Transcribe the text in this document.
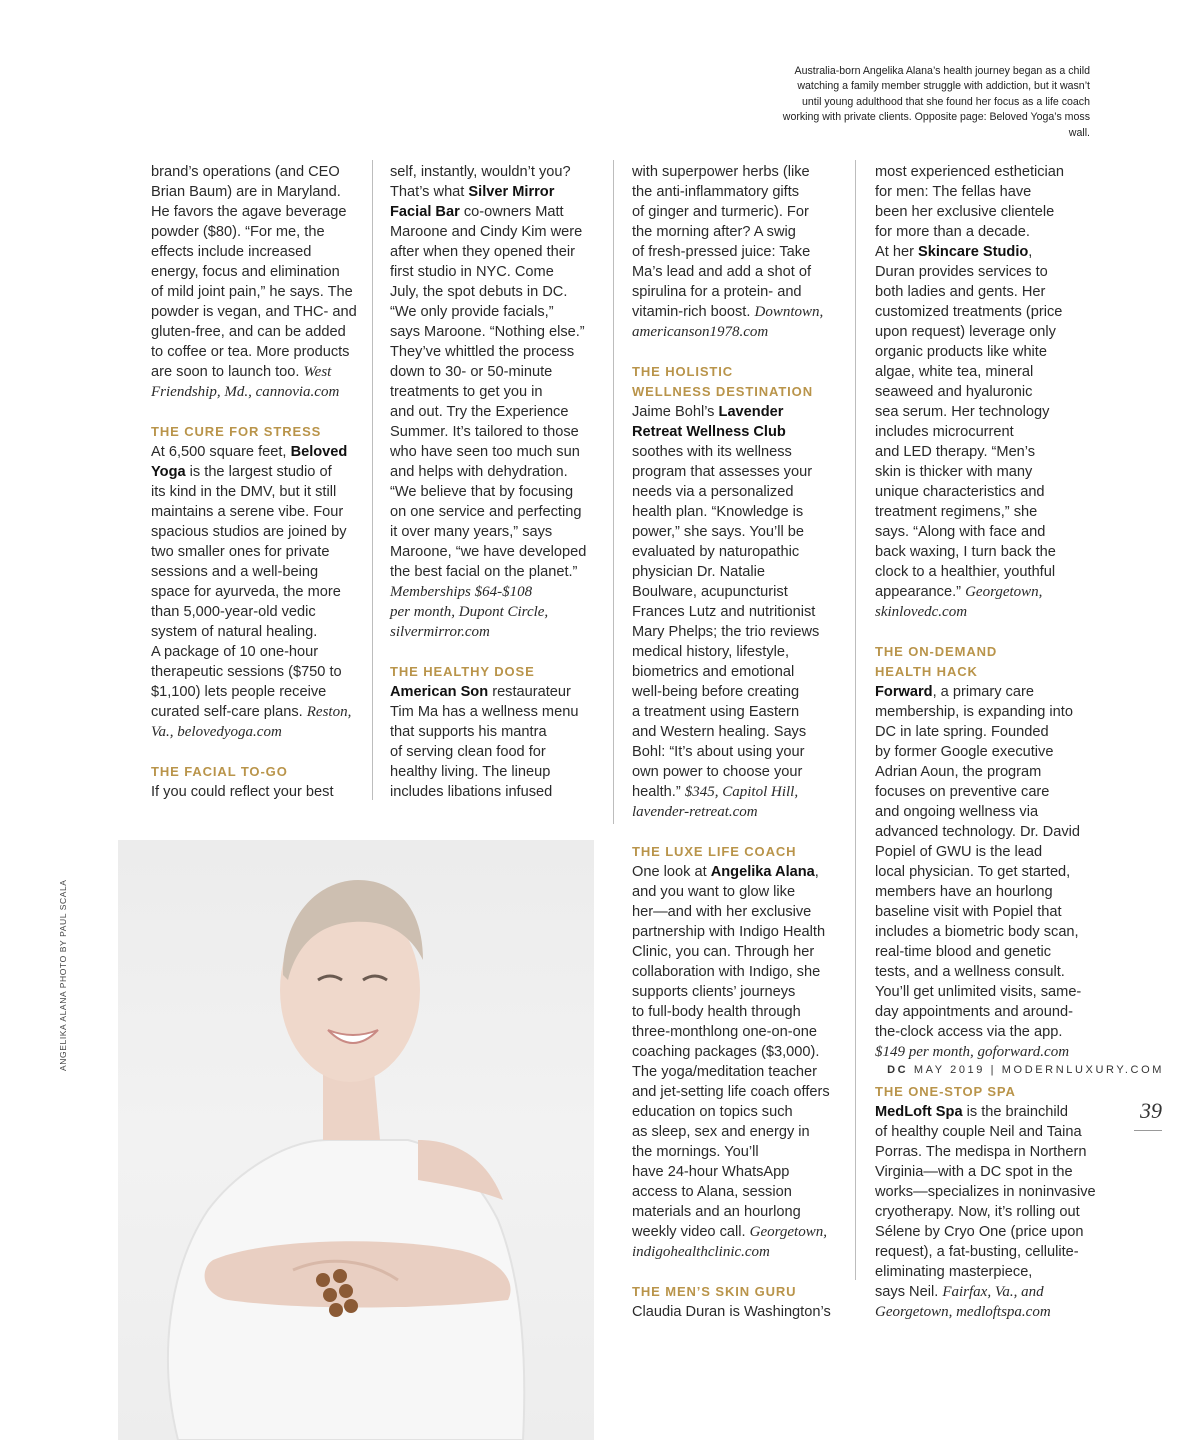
Australia-born Angelika Alana’s health journey began as a child watching a family member struggle with addiction, but it wasn’t until young adulthood that she found her focus as a life coach working with private clients. Opposite page: Beloved Yoga’s moss wall.

brand’s operations (and CEO

Brian Baum) are in Maryland.

He favors the agave beverage

powder ($80). “For me, the

effects include increased

energy, focus and elimination

of mild joint pain,” he says. The

powder is vegan, and THC- and

gluten-free, and can be added

to coffee or tea. More products

are soon to launch too. West

Friendship, Md., cannovia.com

THE CURE FOR STRESS

At 6,500 square feet, Beloved

Yoga is the largest studio of

its kind in the DMV, but it still

maintains a serene vibe. Four

spacious studios are joined by

two smaller ones for private

sessions and a well-being

space for ayurveda, the more

than 5,000-year-old vedic

system of natural healing.

A package of 10 one-hour

therapeutic sessions ($750 to

$1,100) lets people receive

curated self-care plans. Reston,

Va., belovedyoga.com

THE FACIAL TO-GO

If you could reflect your best

self, instantly, wouldn’t you?

That’s what Silver Mirror

Facial Bar co-owners Matt

Maroone and Cindy Kim were

after when they opened their

first studio in NYC. Come

July, the spot debuts in DC.

“We only provide facials,”

says Maroone. “Nothing else.”

They’ve whittled the process

down to 30- or 50-minute

treatments to get you in

and out. Try the Experience

Summer. It’s tailored to those

who have seen too much sun

and helps with dehydration.

“We believe that by focusing

on one service and perfecting

it over many years,” says

Maroone, “we have developed

the best facial on the planet.”

Memberships $64-$108

per month, Dupont Circle,

silvermirror.com

THE HEALTHY DOSE

American Son restaurateur

Tim Ma has a wellness menu

that supports his mantra

of serving clean food for

healthy living. The lineup

includes libations infused

with superpower herbs (like

the anti-inflammatory gifts

of ginger and turmeric). For

the morning after? A swig

of fresh-pressed juice: Take

Ma’s lead and add a shot of

spirulina for a protein- and

vitamin-rich boost. Downtown,

americanson1978.com

THE HOLISTIC

WELLNESS DESTINATION

Jaime Bohl’s Lavender

Retreat Wellness Club

soothes with its wellness

program that assesses your

needs via a personalized

health plan. “Knowledge is

power,” she says. You’ll be

evaluated by naturopathic

physician Dr. Natalie

Boulware, acupuncturist

Frances Lutz and nutritionist

Mary Phelps; the trio reviews

medical history, lifestyle,

biometrics and emotional

well-being before creating

a treatment using Eastern

and Western healing. Says

Bohl: “It’s about using your

own power to choose your

health.” $345, Capitol Hill,

lavender-retreat.com

THE LUXE LIFE COACH

One look at Angelika Alana,

and you want to glow like

her—and with her exclusive

partnership with Indigo Health

Clinic, you can. Through her

collaboration with Indigo, she

supports clients’ journeys

to full-body health through

three-monthlong one-on-one

coaching packages ($3,000).

The yoga/meditation teacher

and jet-setting life coach offers

education on topics such

as sleep, sex and energy in

the mornings. You’ll

have 24-hour WhatsApp

access to Alana, session

materials and an hourlong

weekly video call. Georgetown,

indigohealthclinic.com

THE MEN’S SKIN GURU

Claudia Duran is Washington’s

most experienced esthetician

for men: The fellas have

been her exclusive clientele

for more than a decade.

At her Skincare Studio,

Duran provides services to

both ladies and gents. Her

customized treatments (price

upon request) leverage only

organic products like white

algae, white tea, mineral

seaweed and hyaluronic

sea serum. Her technology

includes microcurrent

and LED therapy. “Men’s

skin is thicker with many

unique characteristics and

treatment regimens,” she

says. “Along with face and

back waxing, I turn back the

clock to a healthier, youthful

appearance.” Georgetown,

skinlovedc.com

THE ON-DEMAND

HEALTH HACK

Forward, a primary care

membership, is expanding into

DC in late spring. Founded

by former Google executive

Adrian Aoun, the program

focuses on preventive care

and ongoing wellness via

advanced technology. Dr. David

Popiel of GWU is the lead

local physician. To get started,

members have an hourlong

baseline visit with Popiel that

includes a biometric body scan,

real-time blood and genetic

tests, and a wellness consult.

You’ll get unlimited visits, same-

day appointments and around-

the-clock access via the app.

$149 per month, goforward.com

THE ONE-STOP SPA

MedLoft Spa is the brainchild

of healthy couple Neil and Taina

Porras. The medispa in Northern

Virginia—with a DC spot in the

works—specializes in noninvasive

cryotherapy. Now, it’s rolling out

Sélene by Cryo One (price upon

request), a fat-busting, cellulite-

eliminating masterpiece,

says Neil. Fairfax, Va., and

Georgetown, medloftspa.com

ANGELIKA ALANA PHOTO BY PAUL SCALA	DC MAY 2019 | MODERNLUXURY.COM
39
